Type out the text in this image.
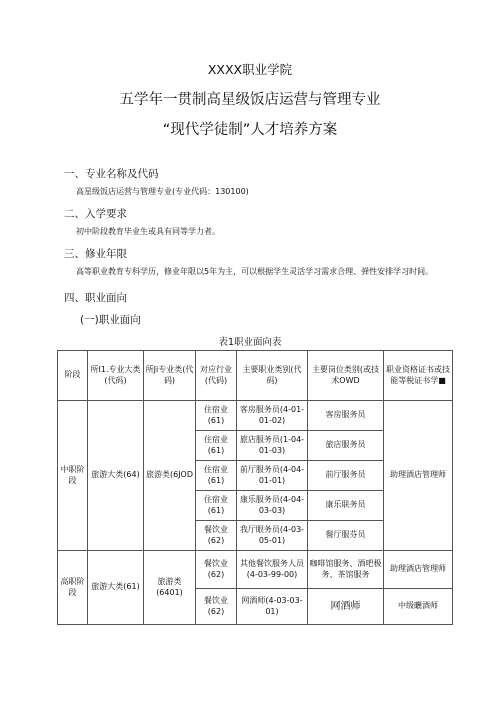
XXXX职业学院
五学年一贯制高星级饭店运营与管理专业
“现代学徒制”人才培养方案
一、专业名称及代码
高星级饭店运营与管理专业(专业代码：130100)
二、入学要求
初中阶段教育毕业生或具有同等学力者。
三、修业年限
高等职业教育专科学历，修业年限以5年为主，可以根据学生灵活学习需求合理、弹性安排学习时间。
四、职业面向
(一)职业面向
表1职业面向表
阶段	所I1.专业大类(代码)	所Ji专业类(代码)	对应行业(代码)	主要职业类别(代码)	主要岗位类别(或技术OWD	职业资格证书或技能等税证书学■
中职阶段	旅游大类(64)	旅游类(6JOD	住宿业(61)	客房服务员(4-01-01-02)	客房服务员	助理酒店管理师
			住宿业(61)	旅店服务员(1-04-01-03)	旅店服务员	
			住宿业(61)	前厅服务员(4-04-01-01)	前厅服务员	
			住宿业(61)	康乐服务员(4-04-03-03)	康乐联务员	
			餐饮业(62)	我厅眼务员(4-03-05-01)	餐厅服芬员	
高职阶段	旅游大类(61)	旅游类(6401)	餐饮业(62)	其他餐饮服务人员(4-03-99-00)	咖啡馆服务、酒吧极务、茶馆服务	助理酒店管理师
			餐饮业(62)	网酒师(4-03-03-01)	网酒师	中级曬酒师
